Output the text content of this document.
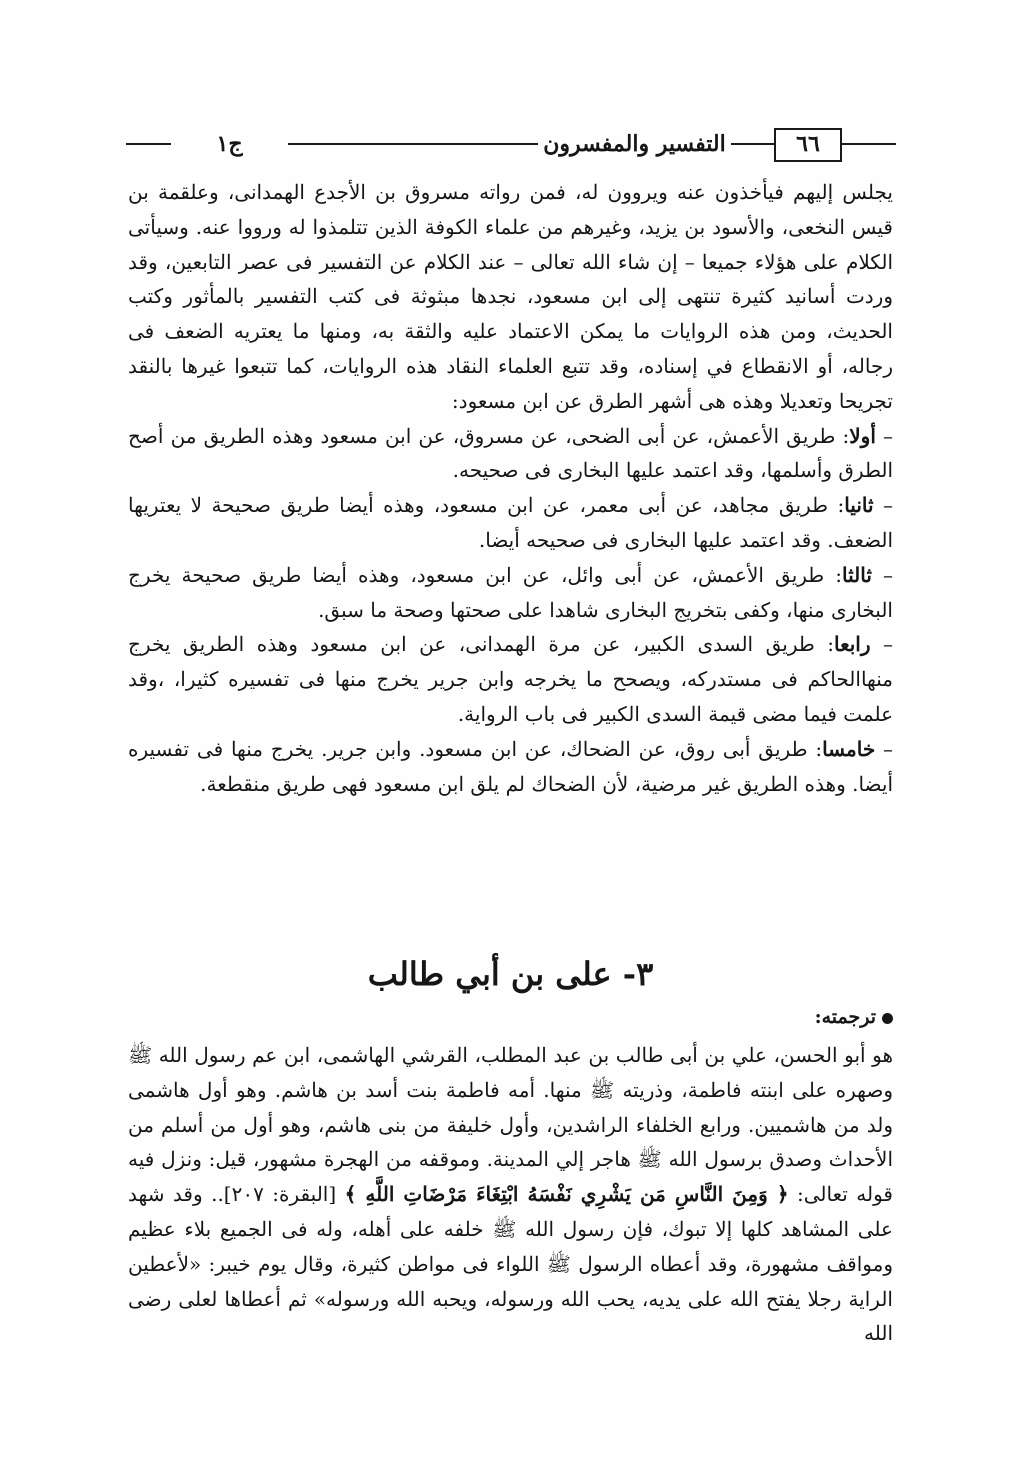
٦٦
التفسير والمفسرون
ج١

يجلس إليهم فيأخذون عنه ويروون له، فمن رواته مسروق بن الأجدع الهمدانى، وعلقمة بن قيس النخعى، والأسود بن يزيد، وغيرهم من علماء الكوفة الذين تتلمذوا له ورووا عنه. وسيأتى الكلام على هؤلاء جميعا – إن شاء الله تعالى – عند الكلام عن التفسير فى عصر التابعين، وقد وردت أسانيد كثيرة تنتهى إلى ابن مسعود، نجدها مبثوثة فى كتب التفسير بالمأثور وكتب الحديث، ومن هذه الروايات ما يمكن الاعتماد عليه والثقة به، ومنها ما يعتريه الضعف فى رجاله، أو الانقطاع في إسناده، وقد تتبع العلماء النقاد هذه الروايات، كما تتبعوا غيرها بالنقد تجريحا وتعديلا وهذه هى أشهر الطرق عن ابن مسعود:

– أولا: طريق الأعمش، عن أبى الضحى، عن مسروق، عن ابن مسعود وهذه الطريق من أصح الطرق وأسلمها، وقد اعتمد عليها البخارى فى صحيحه.

– ثانيا: طريق مجاهد، عن أبى معمر، عن ابن مسعود، وهذه أيضا طريق صحيحة لا يعتريها الضعف. وقد اعتمد عليها البخارى فى صحيحه أيضا.

– ثالثا: طريق الأعمش، عن أبى وائل، عن ابن مسعود، وهذه أيضا طريق صحيحة يخرج البخارى منها، وكفى بتخريج البخارى شاهدا على صحتها وصحة ما سبق.

– رابعا: طريق السدى الكبير، عن مرة الهمدانى، عن ابن مسعود وهذه الطريق يخرج منهاالحاكم فى مستدركه، ويصحح ما يخرجه وابن جرير يخرج منها فى تفسيره كثيرا، ،وقد علمت فيما مضى قيمة السدى الكبير فى باب الرواية.

– خامسا: طريق أبى روق، عن الضحاك، عن ابن مسعود. وابن جرير. يخرج منها فى تفسيره أيضا. وهذه الطريق غير مرضية، لأن الضحاك لم يلق ابن مسعود فهى طريق منقطعة.

٣- على بن أبي طالب
ترجمته:

هو أبو الحسن، علي بن أبى طالب بن عبد المطلب، القرشي الهاشمى، ابن عم رسول الله ﷺ وصهره على ابنته فاطمة، وذريته ﷺ منها. أمه فاطمة بنت أسد بن هاشم. وهو أول هاشمى ولد من هاشميين. ورابع الخلفاء الراشدين، وأول خليفة من بنى هاشم، وهو أول من أسلم من الأحداث وصدق برسول الله ﷺ هاجر إلي المدينة. وموقفه من الهجرة مشهور، قيل: ونزل فيه قوله تعالى: ﴿ وَمِنَ النَّاسِ مَن يَشْرِي نَفْسَهُ ابْتِغَاءَ مَرْضَاتِ اللَّهِ ﴾ [البقرة: ٢٠٧].. وقد شهد على المشاهد كلها إلا تبوك، فإن رسول الله ﷺ خلفه على أهله، وله فى الجميع بلاء عظيم ومواقف مشهورة، وقد أعطاه الرسول ﷺ اللواء فى مواطن كثيرة، وقال يوم خيبر: «لأعطين الراية رجلا يفتح الله على يديه، يحب الله ورسوله، ويحبه الله ورسوله» ثم أعطاها لعلى رضى الله
